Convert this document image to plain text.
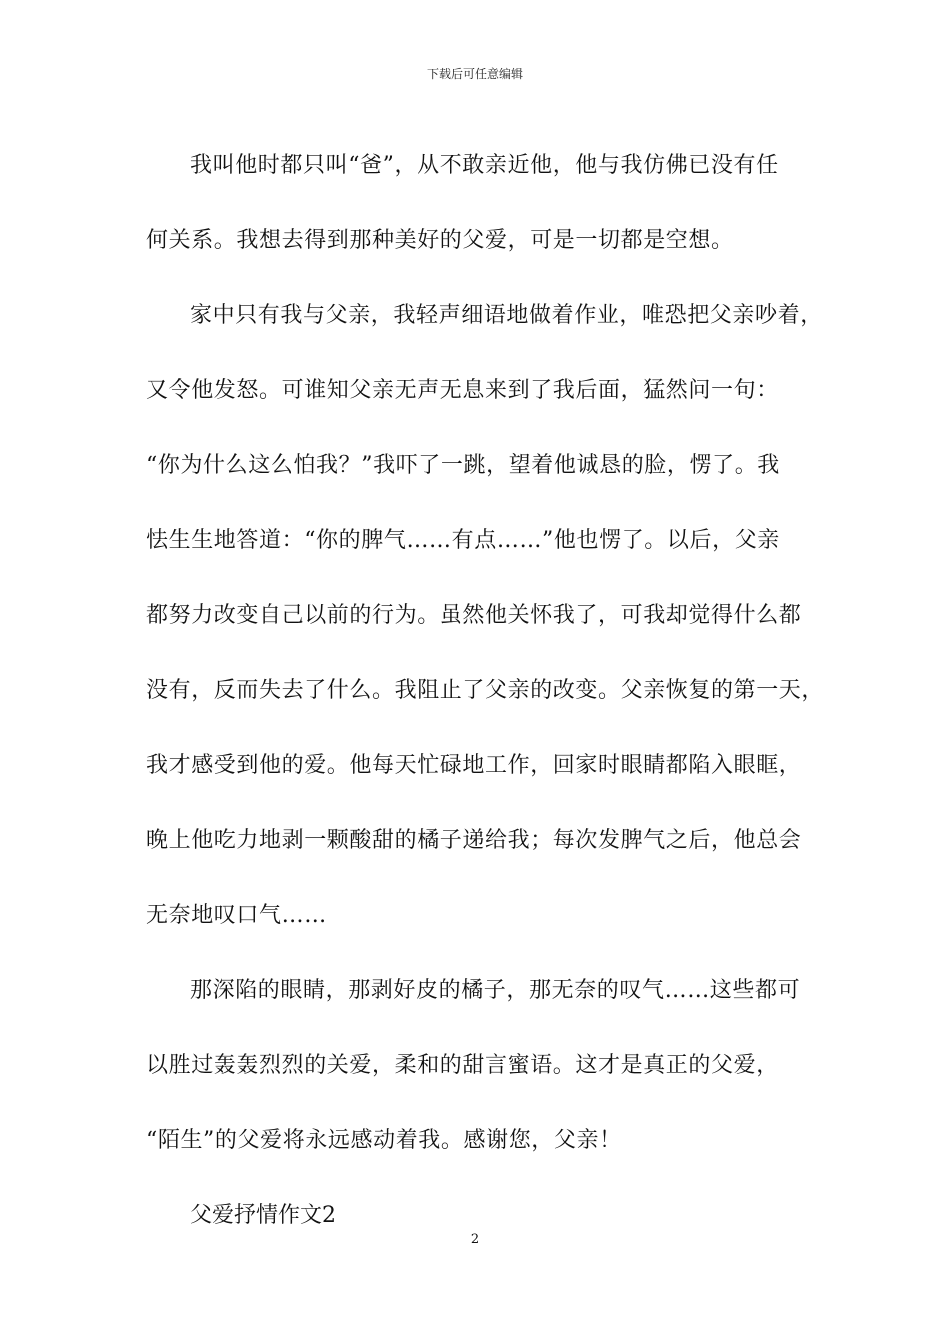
下载后可任意编辑
我叫他时都只叫“爸”，从不敢亲近他，他与我仿佛已没有任
何关系。我想去得到那种美好的父爱，可是一切都是空想。
家中只有我与父亲，我轻声细语地做着作业，唯恐把父亲吵着，
又令他发怒。可谁知父亲无声无息来到了我后面，猛然问一句：
“你为什么这么怕我？”我吓了一跳，望着他诚恳的脸，愣了。我
怯生生地答道：“你的脾气……有点……”他也愣了。以后，父亲
都努力改变自己以前的行为。虽然他关怀我了，可我却觉得什么都
没有，反而失去了什么。我阻止了父亲的改变。父亲恢复的第一天，
我才感受到他的爱。他每天忙碌地工作，回家时眼睛都陷入眼眶，
晚上他吃力地剥一颗酸甜的橘子递给我；每次发脾气之后，他总会
无奈地叹口气……
那深陷的眼睛，那剥好皮的橘子，那无奈的叹气……这些都可
以胜过轰轰烈烈的关爱，柔和的甜言蜜语。这才是真正的父爱，
“陌生”的父爱将永远感动着我。感谢您，父亲！
父爱抒情作文2
2
